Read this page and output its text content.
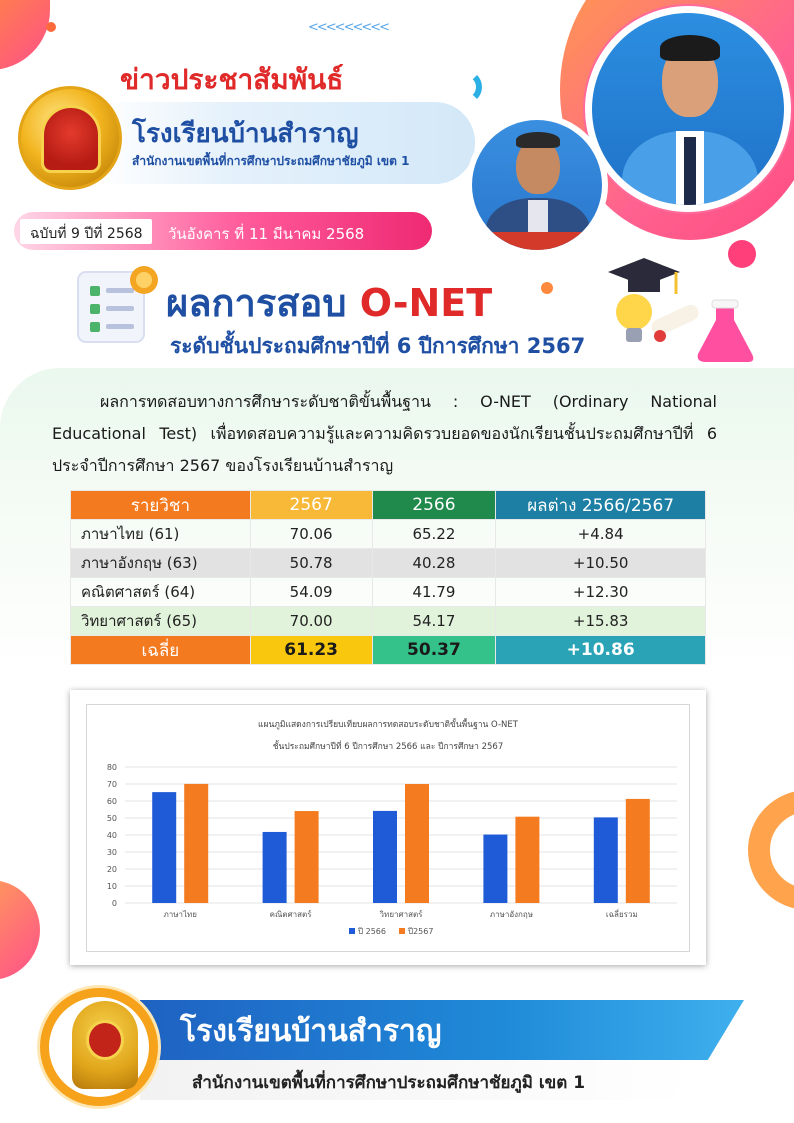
<<<<<<<<<
ข่าวประชาสัมพันธ์
โรงเรียนบ้านสำราญ
สำนักงานเขตพื้นที่การศึกษาประถมศึกษาชัยภูมิ เขต 1
ฉบับที่ 9 ปีที่ 2568 วันอังคาร ที่ 11 มีนาคม 2568
ผลการสอบ O-NET
ระดับชั้นประถมศึกษาปีที่ 6 ปีการศึกษา 2567

ผลการทดสอบทางการศึกษาระดับชาติขั้นพื้นฐาน : O-NET (Ordinary National Educational Test) เพื่อทดสอบความรู้และความคิดรวบยอดของนักเรียนชั้นประถมศึกษาปีที่ 6 ประจำปีการศึกษา 2567 ของโรงเรียนบ้านสำราญ

รายวิชา	2567	2566	ผลต่าง 2566/2567
ภาษาไทย (61)	70.06	65.22	+4.84
ภาษาอังกฤษ (63)	50.78	40.28	+10.50
คณิตศาสตร์ (64)	54.09	41.79	+12.30
วิทยาศาสตร์ (65)	70.00	54.17	+15.83
เฉลี่ย	61.23	50.37	+10.86
แผนภูมิแสดงการเปรียบเทียบผลการทดสอบระดับชาติขั้นพื้นฐาน O-NET
ชั้นประถมศึกษาปีที่ 6 ปีการศึกษา 2566 และ ปีการศึกษา 2567
0
10
20
30
40
50
60
70
80
ภาษาไทย	คณิตศาสตร์	วิทยาศาสตร์	ภาษาอังกฤษ	เฉลี่ยรวม
ปี 2566	ปี2567
โรงเรียนบ้านสำราญ
สำนักงานเขตพื้นที่การศึกษาประถมศึกษาชัยภูมิ เขต 1
